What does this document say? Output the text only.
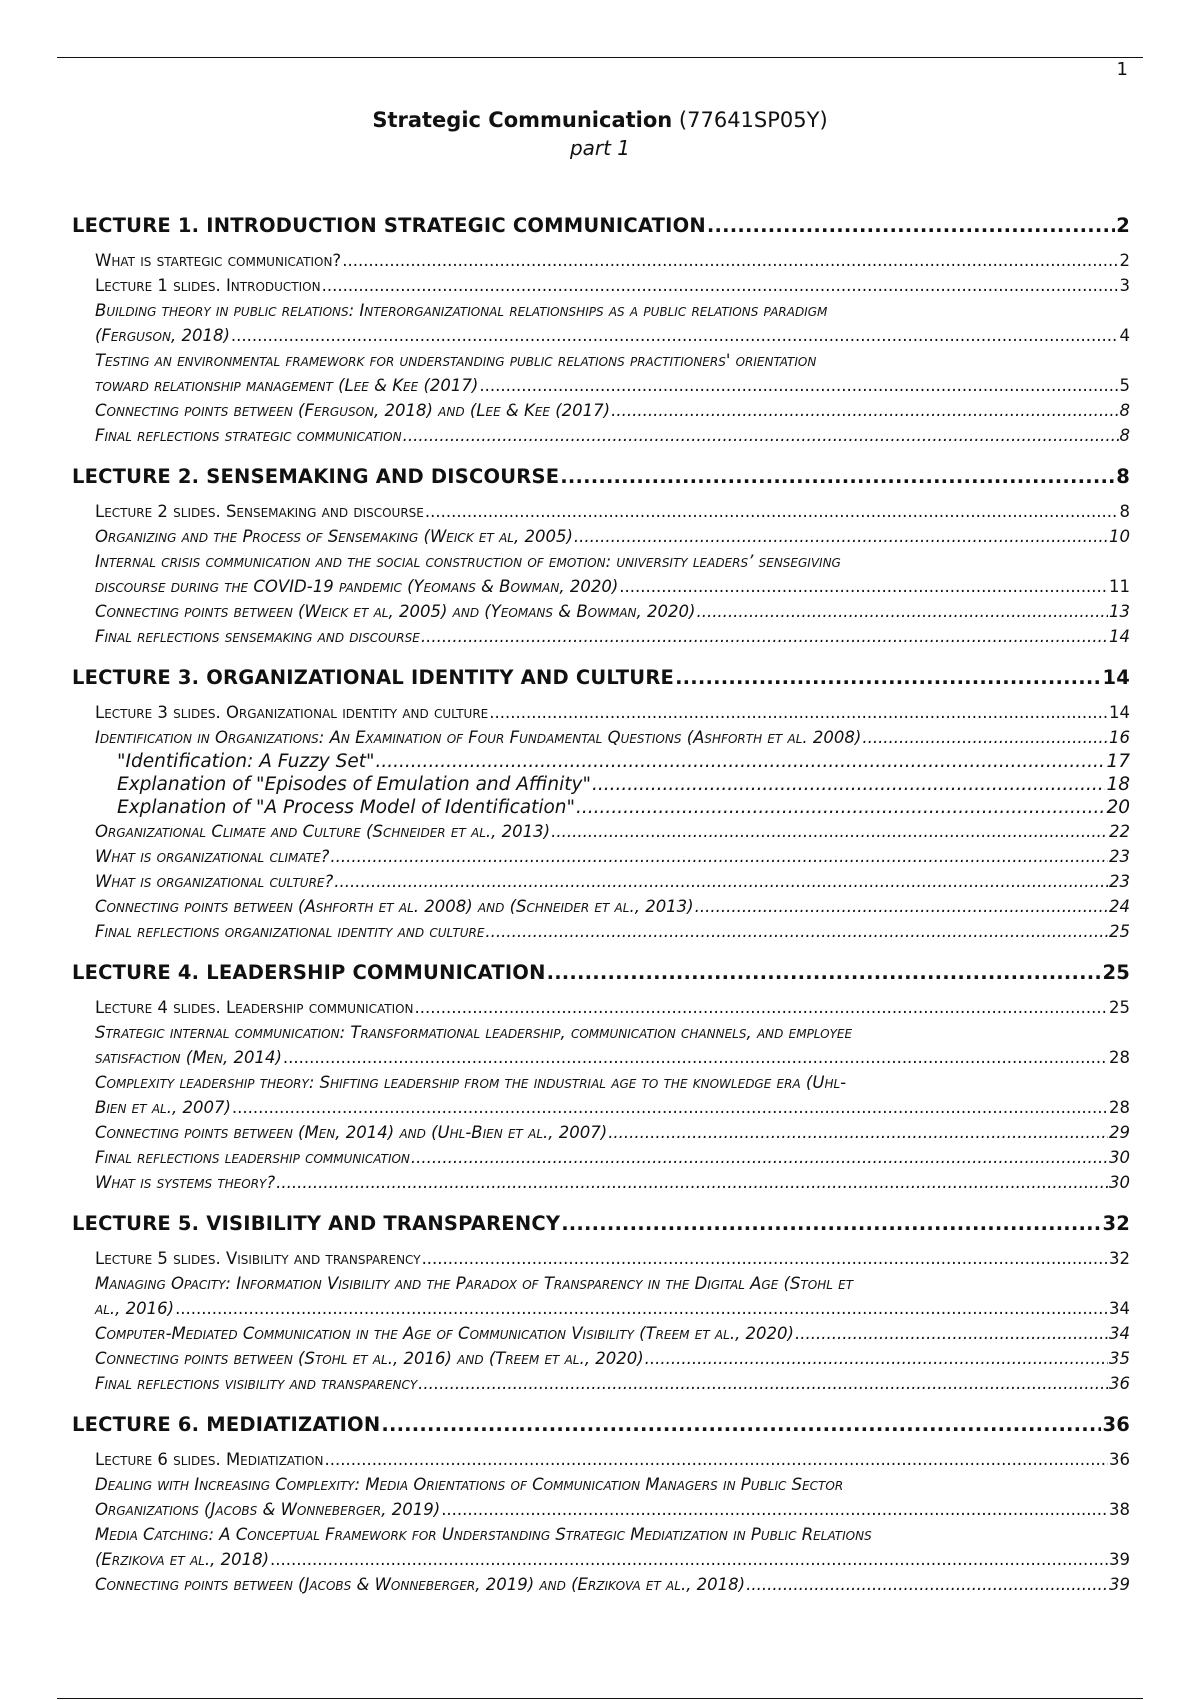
1
Strategic Communication (77641SP05Y)
part 1
LECTURE 1. INTRODUCTION STRATEGIC COMMUNICATION .....	2
What is startegic communication? .....	2
Lecture 1 slides. Introduction .....	3
Building theory in public relations: Interorganizational relationships as a public relations paradigm
(Ferguson, 2018) .....	4
Testing an environmental framework for understanding public relations practitioners' orientation
toward relationship management (Lee & Kee (2017) .....	5
Connecting points between (Ferguson, 2018) and (Lee & Kee (2017) .....	8
Final reflections strategic communication .....	8
LECTURE 2. SENSEMAKING AND DISCOURSE .....	8
Lecture 2 slides. Sensemaking and discourse .....	8
Organizing and the Process of Sensemaking (Weick et al, 2005) .....	10
Internal crisis communication and the social construction of emotion: university leaders’ sensegiving
discourse during the COVID-19 pandemic (Yeomans & Bowman, 2020) .....	11
Connecting points between (Weick et al, 2005) and (Yeomans & Bowman, 2020) .....	13
Final reflections sensemaking and discourse .....	14
LECTURE 3. ORGANIZATIONAL IDENTITY AND CULTURE .....	14
Lecture 3 slides. Organizational identity and culture .....	14
Identification in Organizations: An Examination of Four Fundamental Questions (Ashforth et al. 2008) .....	16
"Identification: A Fuzzy Set" .....	17
Explanation of "Episodes of Emulation and Affinity" .....	18
Explanation of "A Process Model of Identification" .....	20
Organizational Climate and Culture (Schneider et al., 2013) .....	22
What is organizational climate? .....	23
What is organizational culture? .....	23
Connecting points between (Ashforth et al. 2008) and (Schneider et al., 2013) .....	24
Final reflections organizational identity and culture .....	25
LECTURE 4. LEADERSHIP COMMUNICATION .....	25
Lecture 4 slides. Leadership communication .....	25
Strategic internal communication: Transformational leadership, communication channels, and employee
satisfaction (Men, 2014) .....	28
Complexity leadership theory: Shifting leadership from the industrial age to the knowledge era (Uhl-
Bien et al., 2007) .....	28
Connecting points between (Men, 2014) and (Uhl-Bien et al., 2007) .....	29
Final reflections leadership communication .....	30
What is systems theory? .....	30
LECTURE 5. VISIBILITY AND TRANSPARENCY .....	32
Lecture 5 slides. Visibility and transparency .....	32
Managing Opacity: Information Visibility and the Paradox of Transparency in the Digital Age (Stohl et
al., 2016) .....	34
Computer-Mediated Communication in the Age of Communication Visibility (Treem et al., 2020) .....	34
Connecting points between (Stohl et al., 2016) and (Treem et al., 2020) .....	35
Final reflections visibility and transparency .....	36
LECTURE 6. MEDIATIZATION .....	36
Lecture 6 slides. Mediatization .....	36
Dealing with Increasing Complexity: Media Orientations of Communication Managers in Public Sector
Organizations (Jacobs & Wonneberger, 2019) .....	38
Media Catching: A Conceptual Framework for Understanding Strategic Mediatization in Public Relations
(Erzikova et al., 2018) .....	39
Connecting points between (Jacobs & Wonneberger, 2019) and (Erzikova et al., 2018) .....	39
